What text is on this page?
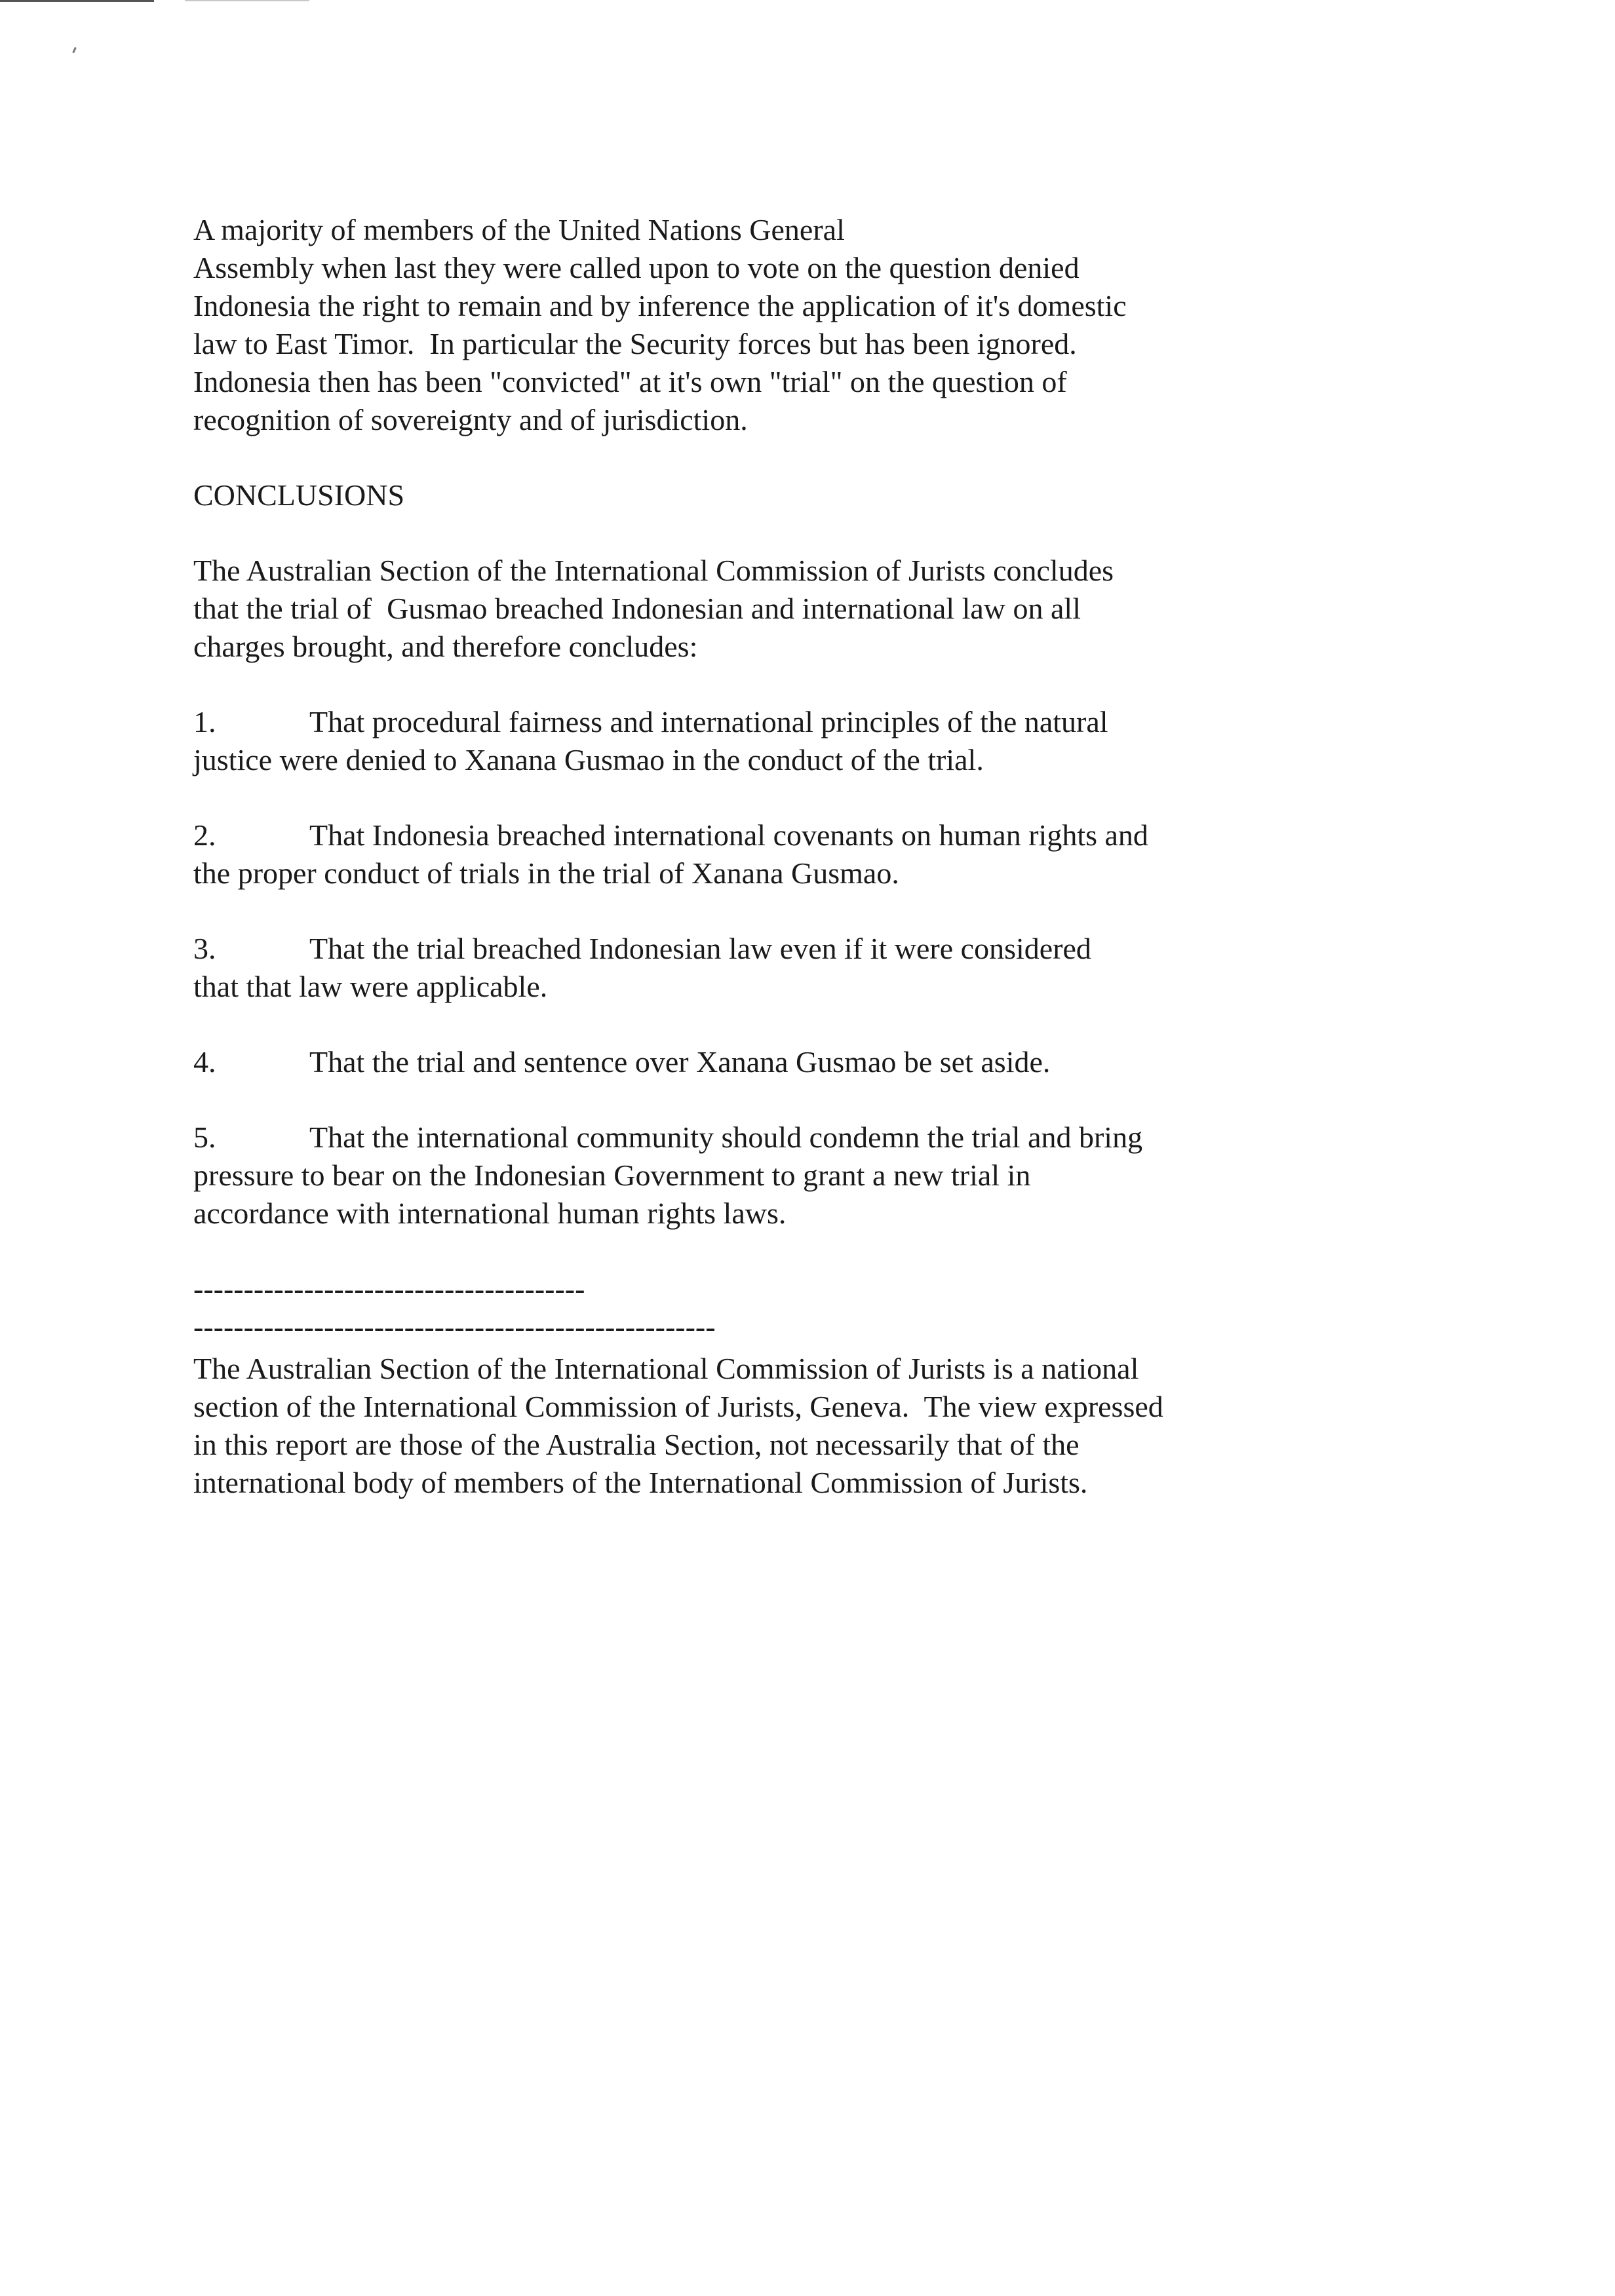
A majority of members of the United Nations General
Assembly when last they were called upon to vote on the question denied
Indonesia the right to remain and by inference the application of it's domestic
law to East Timor.  In particular the Security forces but has been ignored.
Indonesia then has been "convicted" at it's own "trial" on the question of
recognition of sovereignty and of jurisdiction.
CONCLUSIONS
The Australian Section of the International Commission of Jurists concludes
that the trial of  Gusmao breached Indonesian and international law on all
charges brought, and therefore concludes:
1.	That procedural fairness and international principles of the natural
justice were denied to Xanana Gusmao in the conduct of the trial.
2.	That Indonesia breached international covenants on human rights and
the proper conduct of trials in the trial of Xanana Gusmao.
3.	That the trial breached Indonesian law even if it were considered
that that law were applicable.
4.	That the trial and sentence over Xanana Gusmao be set aside.
5.	That the international community should condemn the trial and bring
pressure to bear on the Indonesian Government to grant a new trial in
accordance with international human rights laws.
---------------------------------------
----------------------------------------------------
The Australian Section of the International Commission of Jurists is a national
section of the International Commission of Jurists, Geneva.  The view expressed
in this report are those of the Australia Section, not necessarily that of the
international body of members of the International Commission of Jurists.
